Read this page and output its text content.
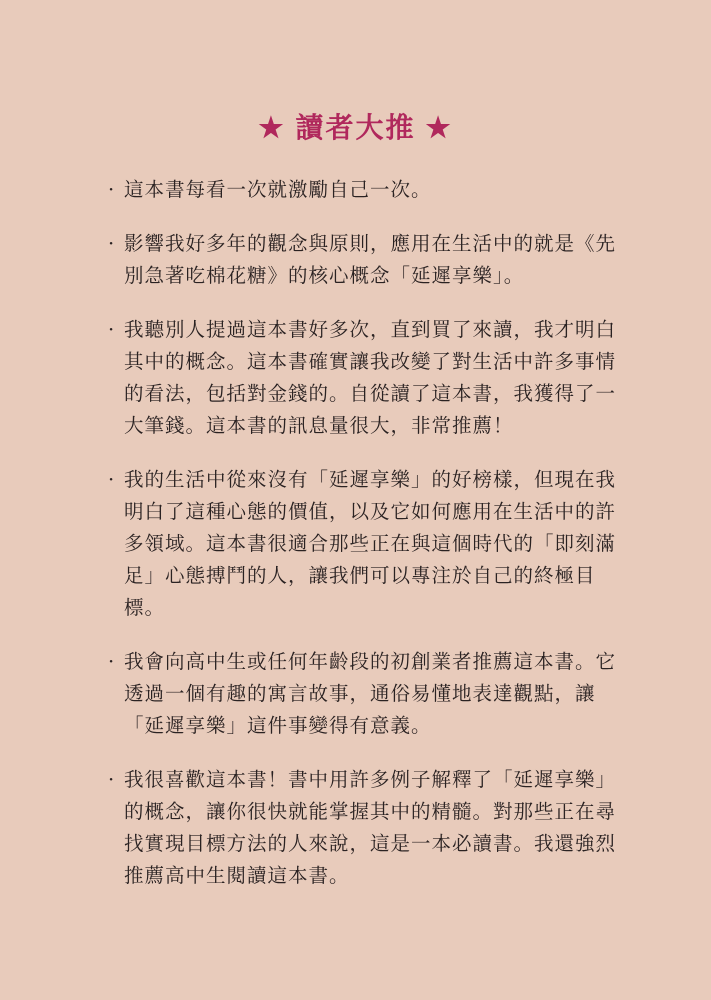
★ 讀者大推 ★
· 這本書每看一次就激勵自己一次。
· 影響我好多年的觀念與原則，應用在生活中的就是《先
別急著吃棉花糖》的核心概念「延遲享樂」。
· 我聽別人提過這本書好多次，直到買了來讀，我才明白
其中的概念。這本書確實讓我改變了對生活中許多事情
的看法，包括對金錢的。自從讀了這本書，我獲得了一
大筆錢。這本書的訊息量很大，非常推薦！
· 我的生活中從來沒有「延遲享樂」的好榜樣，但現在我
明白了這種心態的價值，以及它如何應用在生活中的許
多領域。這本書很適合那些正在與這個時代的「即刻滿
足」心態搏鬥的人，讓我們可以專注於自己的終極目
標。
· 我會向高中生或任何年齡段的初創業者推薦這本書。它
透過一個有趣的寓言故事，通俗易懂地表達觀點，讓
「延遲享樂」這件事變得有意義。
· 我很喜歡這本書！書中用許多例子解釋了「延遲享樂」
的概念，讓你很快就能掌握其中的精髓。對那些正在尋
找實現目標方法的人來說，這是一本必讀書。我還強烈
推薦高中生閱讀這本書。
